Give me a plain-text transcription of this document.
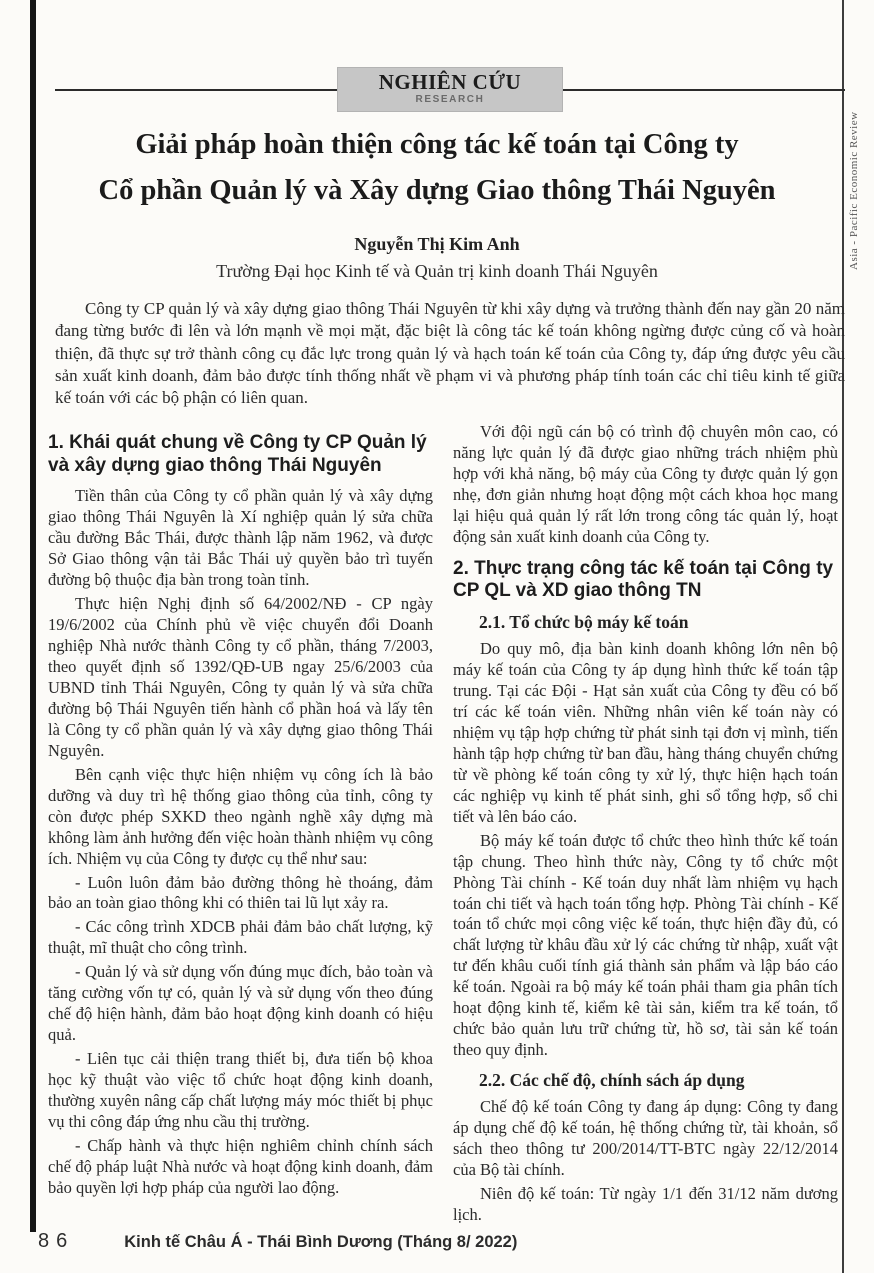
Asia - Pacific Economic Review
NGHIÊN CỨU
RESEARCH
Giải pháp hoàn thiện công tác kế toán tại Công ty
Cổ phần Quản lý và Xây dựng Giao thông Thái Nguyên
Nguyễn Thị Kim Anh
Trường Đại học Kinh tế và Quản trị kinh doanh Thái Nguyên

Công ty CP quản lý và xây dựng giao thông Thái Nguyên từ khi xây dựng và trưởng thành đến nay gần 20 năm đang từng bước đi lên và lớn mạnh về mọi mặt, đặc biệt là công tác kế toán không ngừng được củng cố và hoàn thiện, đã thực sự trở thành công cụ đắc lực trong quản lý và hạch toán kế toán của Công ty, đáp ứng được yêu cầu sản xuất kinh doanh, đảm bảo được tính thống nhất về phạm vi và phương pháp tính toán các chỉ tiêu kinh tế giữa kế toán với các bộ phận có liên quan.

1. Khái quát chung về Công ty CP Quản lý và xây dựng giao thông Thái Nguyên

Tiền thân của Công ty cổ phần quản lý và xây dựng giao thông Thái Nguyên là Xí nghiệp quản lý sửa chữa cầu đường Bắc Thái, được thành lập năm 1962, và được Sở Giao thông vận tải Bắc Thái uỷ quyền bảo trì tuyến đường bộ thuộc địa bàn trong toàn tỉnh.

Thực hiện Nghị định số 64/2002/NĐ - CP ngày 19/6/2002 của Chính phủ về việc chuyển đổi Doanh nghiệp Nhà nước thành Công ty cổ phần, tháng 7/2003, theo quyết định số 1392/QĐ-UB ngay 25/6/2003 của UBND tỉnh Thái Nguyên, Công ty quản lý và sửa chữa đường bộ Thái Nguyên tiến hành cổ phần hoá và lấy tên là Công ty cổ phần quản lý và xây dựng giao thông Thái Nguyên.

Bên cạnh việc thực hiện nhiệm vụ công ích là bảo dưỡng và duy trì hệ thống giao thông của tỉnh, công ty còn được phép SXKD theo ngành nghề xây dựng mà không làm ảnh hưởng đến việc hoàn thành nhiệm vụ công ích. Nhiệm vụ của Công ty được cụ thể như sau:

- Luôn luôn đảm bảo đường thông hè thoáng, đảm bảo an toàn giao thông khi có thiên tai lũ lụt xảy ra.

- Các công trình XDCB phải đảm bảo chất lượng, kỹ thuật, mĩ thuật cho công trình.

- Quản lý và sử dụng vốn đúng mục đích, bảo toàn và tăng cường vốn tự có, quản lý và sử dụng vốn theo đúng chế độ hiện hành, đảm bảo hoạt động kinh doanh có hiệu quả.

- Liên tục cải thiện trang thiết bị, đưa tiến bộ khoa học kỹ thuật vào việc tổ chức hoạt động kinh doanh, thường xuyên nâng cấp chất lượng máy móc thiết bị phục vụ thi công đáp ứng nhu cầu thị trường.

- Chấp hành và thực hiện nghiêm chỉnh chính sách chế độ pháp luật Nhà nước và hoạt động kinh doanh, đảm bảo quyền lợi hợp pháp của người lao động.

Với đội ngũ cán bộ có trình độ chuyên môn cao, có năng lực quản lý đã được giao những trách nhiệm phù hợp với khả năng, bộ máy của Công ty được quản lý gọn nhẹ, đơn giản nhưng hoạt động một cách khoa học mang lại hiệu quả quản lý rất lớn trong công tác quản lý, hoạt động sản xuất kinh doanh của Công ty.

2. Thực trạng công tác kế toán tại Công ty CP QL và XD giao thông TN
2.1. Tổ chức bộ máy kế toán

Do quy mô, địa bàn kinh doanh không lớn nên bộ máy kế toán của Công ty áp dụng hình thức kế toán tập trung. Tại các Đội - Hạt sản xuất của Công ty đều có bố trí các kế toán viên. Những nhân viên kế toán này có nhiệm vụ tập hợp chứng từ phát sinh tại đơn vị mình, tiến hành tập hợp chứng từ ban đầu, hàng tháng chuyển chứng từ về phòng kế toán công ty xử lý, thực hiện hạch toán các nghiệp vụ kinh tế phát sinh, ghi sổ tổng hợp, sổ chi tiết và lên báo cáo.

Bộ máy kế toán được tổ chức theo hình thức kế toán tập chung. Theo hình thức này, Công ty tổ chức một Phòng Tài chính - Kế toán duy nhất làm nhiệm vụ hạch toán chi tiết và hạch toán tổng hợp. Phòng Tài chính - Kế toán tổ chức mọi công việc kế toán, thực hiện đầy đủ, có chất lượng từ khâu đầu xử lý các chứng từ nhập, xuất vật tư đến khâu cuối tính giá thành sản phẩm và lập báo cáo kế toán. Ngoài ra bộ máy kế toán phải tham gia phân tích hoạt động kinh tế, kiểm kê tài sản, kiểm tra kế toán, tổ chức bảo quản lưu trữ chứng từ, hồ sơ, tài sản kế toán theo quy định.

2.2. Các chế độ, chính sách áp dụng

Chế độ kế toán Công ty đang áp dụng: Công ty đang áp dụng chế độ kế toán, hệ thống chứng từ, tài khoản, sổ sách theo thông tư 200/2014/TT-BTC ngày 22/12/2014 của Bộ tài chính.

Niên độ kế toán: Từ ngày 1/1 đến 31/12 năm dương lịch.

86	Kinh tế Châu Á - Thái Bình Dương (Tháng 8/ 2022)
